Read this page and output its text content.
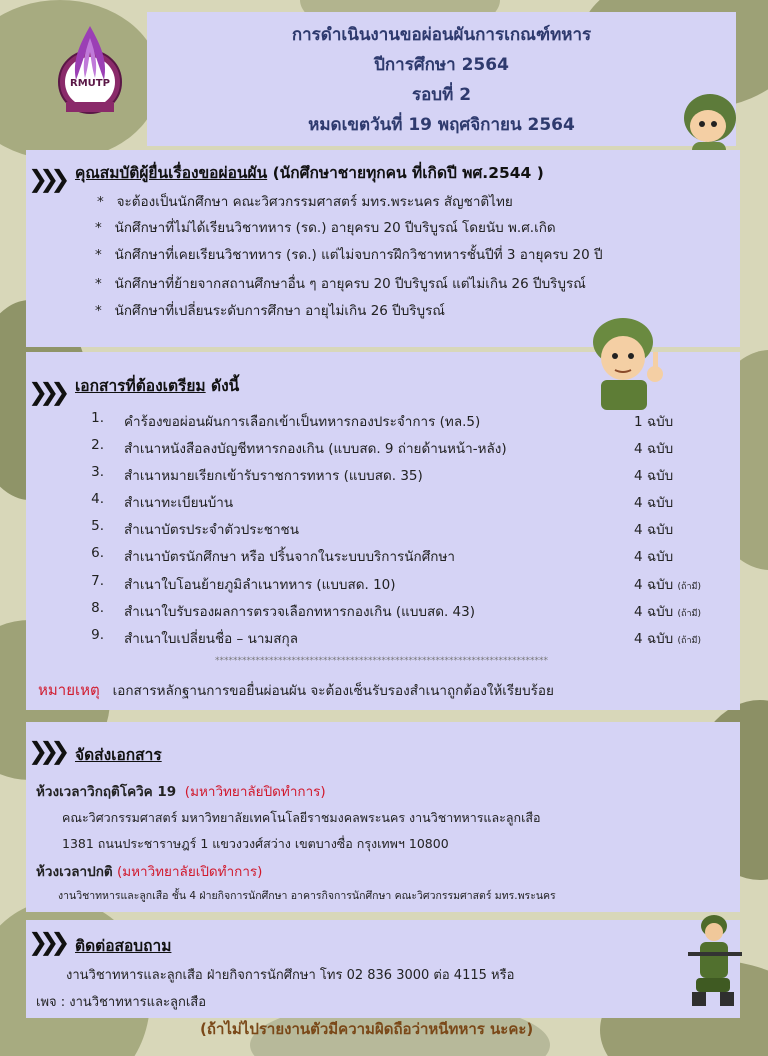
RMUTP
การดำเนินงานขอผ่อนผันการเกณฑ์ทหาร
ปีการศึกษา 2564
รอบที่ 2
หมดเขตวันที่ 19 พฤศจิกายน 2564
❯❯❯ คุณสมบัติผู้ยื่นเรื่องขอผ่อนผัน (นักศึกษาชายทุกคน ที่เกิดปี พศ.2544 )
* จะต้องเป็นนักศึกษา คณะวิศวกรรมศาสตร์ มทร.พระนคร สัญชาติไทย
* นักศึกษาที่ไม่ได้เรียนวิชาทหาร (รด.) อายุครบ 20 ปีบริบูรณ์ โดยนับ พ.ศ.เกิด
* นักศึกษาที่เคยเรียนวิชาทหาร (รด.) แต่ไม่จบการฝึกวิชาทหารชั้นปีที่ 3 อายุครบ 20 ปี
* นักศึกษาที่ย้ายจากสถานศึกษาอื่น ๆ อายุครบ 20 ปีบริบูรณ์ แต่ไม่เกิน 26 ปีบริบูรณ์
* นักศึกษาที่เปลี่ยนระดับการศึกษา อายุไม่เกิน 26 ปีบริบูรณ์
❯❯❯ เอกสารที่ต้องเตรียม ดังนี้
1. คำร้องขอผ่อนผันการเลือกเข้าเป็นทหารกองประจำการ (ทล.5)	1 ฉบับ
2. สำเนาหนังสือลงบัญชีทหารกองเกิน (แบบสด. 9 ถ่ายด้านหน้า-หลัง)	4 ฉบับ
3. สำเนาหมายเรียกเข้ารับราชการทหาร (แบบสด. 35)	4 ฉบับ
4. สำเนาทะเบียนบ้าน	4 ฉบับ
5. สำเนาบัตรประจำตัวประชาชน	4 ฉบับ
6. สำเนาบัตรนักศึกษา หรือ ปริ้นจากในระบบบริการนักศึกษา	4 ฉบับ
7. สำเนาใบโอนย้ายภูมิลำเนาทหาร (แบบสด. 10)	4 ฉบับ (ถ้ามี)
8. สำเนาใบรับรองผลการตรวจเลือกทหารกองเกิน (แบบสด. 43)	4 ฉบับ (ถ้ามี)
9. สำเนาใบเปลี่ยนชื่อ – นามสกุล	4 ฉบับ (ถ้ามี)
**************************************************************************
หมายเหตุ เอกสารหลักฐานการขอยื่นผ่อนผัน จะต้องเซ็นรับรองสำเนาถูกต้องให้เรียบร้อย
❯❯❯ จัดส่งเอกสาร
ห้วงเวลาวิกฤติโควิค 19 (มหาวิทยาลัยปิดทำการ)
คณะวิศวกรรมศาสตร์ มหาวิทยาลัยเทคโนโลยีราชมงคลพระนคร งานวิชาทหารและลูกเสือ
1381 ถนนประชาราษฎร์ 1 แขวงวงศ์สว่าง เขตบางซื่อ กรุงเทพฯ 10800
ห้วงเวลาปกติ (มหาวิทยาลัยเปิดทำการ)
งานวิชาทหารและลูกเสือ ชั้น 4 ฝ่ายกิจการนักศึกษา อาคารกิจการนักศึกษา คณะวิศวกรรมศาสตร์ มทร.พระนคร
❯❯❯ ติดต่อสอบถาม
งานวิชาทหารและลูกเสือ ฝ่ายกิจการนักศึกษา โทร 02 836 3000 ต่อ 4115 หรือ
เพจ : งานวิชาทหารและลูกเสือ
(ถ้าไม่ไปรายงานตัวมีความผิดถือว่าหนีทหาร นะคะ)
